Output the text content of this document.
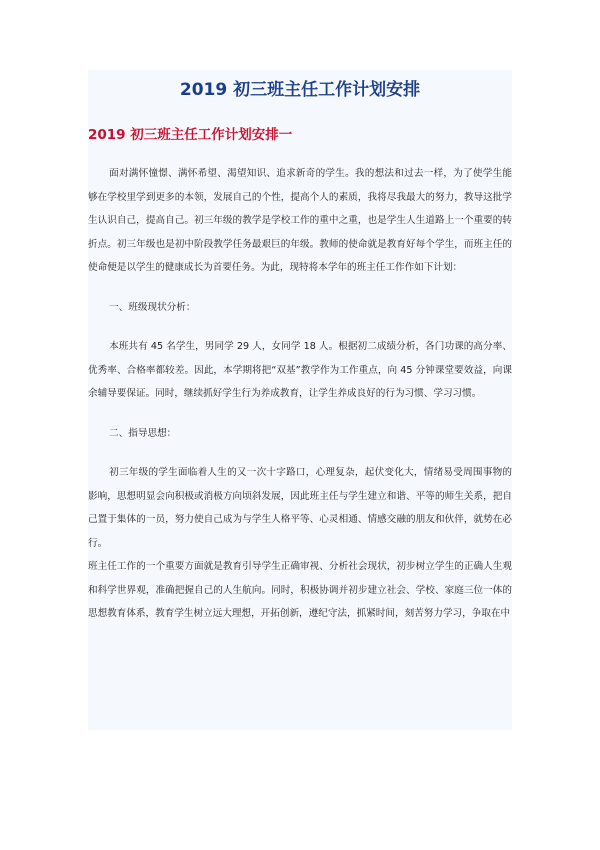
2019 初三班主任工作计划安排
2019 初三班主任工作计划安排一

面对满怀憧憬、满怀希望、渴望知识、追求新奇的学生。我的想法和过去一样，为了使学生能够在学校里学到更多的本领，发展自己的个性，提高个人的素质，我将尽我最大的努力，教导这批学生认识自己，提高自己。初三年级的教学是学校工作的重中之重，也是学生人生道路上一个重要的转折点。初三年级也是初中阶段教学任务最艰巨的年级。教师的使命就是教育好每个学生，而班主任的使命便是以学生的健康成长为首要任务。为此，现特将本学年的班主任工作作如下计划：

一、班级现状分析：

本班共有 45 名学生，男同学 29 人，女同学 18 人。根据初二成绩分析，各门功课的高分率、优秀率、合格率都较差。因此，本学期将把“双基”教学作为工作重点，向 45 分钟课堂要效益，向课余辅导要保证。同时，继续抓好学生行为养成教育，让学生养成良好的行为习惯、学习习惯。

二、指导思想：

初三年级的学生面临着人生的又一次十字路口，心理复杂，起伏变化大，情绪易受周围事物的影响，思想明显会向积极或消极方向顷斜发展，因此班主任与学生建立和谐、平等的师生关系，把自己置于集体的一员，努力使自己成为与学生人格平等、心灵相通、情感交融的朋友和伙伴，就势在必行。

班主任工作的一个重要方面就是教育引导学生正确审视、分析社会现状，初步树立学生的正确人生观和科学世界观，准确把握自己的人生航向。同时，积极协调并初步建立社会、学校、家庭三位一体的思想教育体系，教育学生树立远大理想，开拓创新，遵纪守法，抓紧时间，刻苦努力学习，争取在中
